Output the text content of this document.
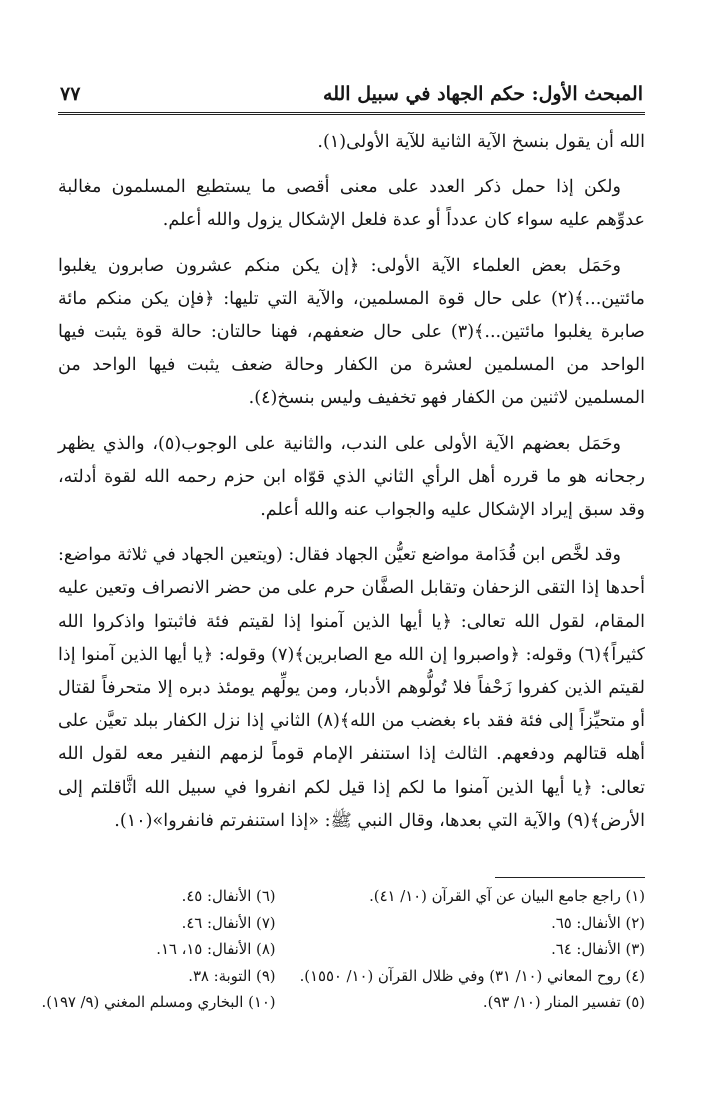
المبحث الأول: حكم الجهاد في سبيل الله
٧٧

الله أن يقول بنسخ الآية الثانية للآية الأولى(١).

ولكن إذا حمل ذكر العدد على معنى أقصى ما يستطيع المسلمون مغالبة عدوِّهم عليه سواء كان عدداً أو عدة فلعل الإشكال يزول والله أعلم.

وحَمَل بعض العلماء الآية الأولى: ﴿إن يكن منكم عشرون صابرون يغلبوا مائتين...﴾(٢) على حال قوة المسلمين، والآية التي تليها: ﴿فإن يكن منكم مائة صابرة يغلبوا مائتين...﴾(٣) على حال ضعفهم، فهنا حالتان: حالة قوة يثبت فيها الواحد من المسلمين لعشرة من الكفار وحالة ضعف يثبت فيها الواحد من المسلمين لاثنين من الكفار فهو تخفيف وليس بنسخ(٤).

وحَمَل بعضهم الآية الأولى على الندب، والثانية على الوجوب(٥)، والذي يظهر رجحانه هو ما قرره أهل الرأي الثاني الذي قوّاه ابن حزم رحمه الله لقوة أدلته، وقد سبق إيراد الإشكال عليه والجواب عنه والله أعلم.

وقد لخَّص ابن قُدَامة مواضع تعيُّن الجهاد فقال: (ويتعين الجهاد في ثلاثة مواضع: أحدها إذا التقى الزحفان وتقابل الصفَّان حرم على من حضر الانصراف وتعين عليه المقام، لقول الله تعالى: ﴿يا أيها الذين آمنوا إذا لقيتم فئة فاثبتوا واذكروا الله كثيراً﴾(٦) وقوله: ﴿واصبروا إن الله مع الصابرين﴾(٧) وقوله: ﴿يا أيها الذين آمنوا إذا لقيتم الذين كفروا زَحْفاً فلا تُولُّوهم الأدبار، ومن يولِّهم يومئذ دبره إلا متحرفاً لقتال أو متحيِّزاً إلى فئة فقد باء بغضب من الله﴾(٨) الثاني إذا نزل الكفار ببلد تعيَّن على أهله قتالهم ودفعهم. الثالث إذا استنفر الإمام قوماً لزمهم النفير معه لقول الله تعالى: ﴿يا أيها الذين آمنوا ما لكم إذا قيل لكم انفروا في سبيل الله اثَّاقلتم إلى الأرض﴾(٩) والآية التي بعدها، وقال النبي ﷺ: «إذا استنفرتم فانفروا»(١٠).

(١) راجع جامع البيان عن آي القرآن (١٠/ ٤١).
(٢) الأنفال: ٦٥.
(٣) الأنفال: ٦٤.
(٤) روح المعاني (١٠/ ٣١) وفي ظلال القرآن (١٠/ ١٥٥٠).
(٥) تفسير المنار (١٠/ ٩٣).
(٦) الأنفال: ٤٥.
(٧) الأنفال: ٤٦.
(٨) الأنفال: ١٥، ١٦.
(٩) التوبة: ٣٨.
(١٠) البخاري ومسلم المغني (٩/ ١٩٧).
